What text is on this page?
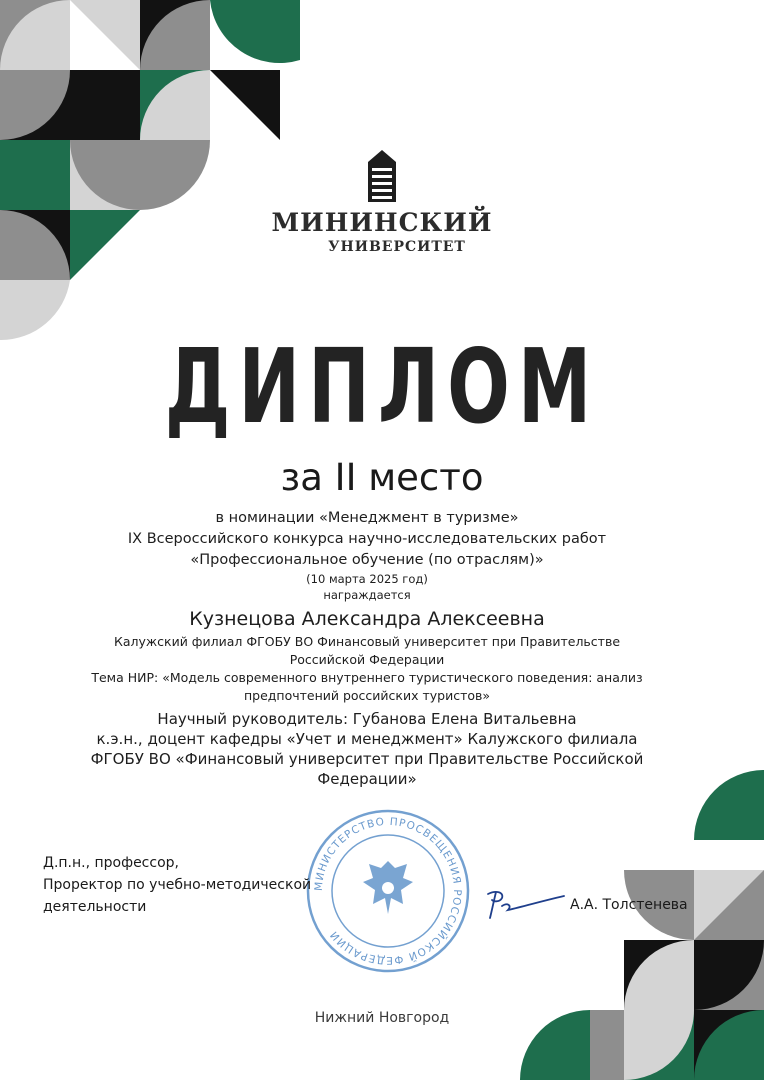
МИНИНСКИЙ
УНИВЕРСИТЕТ
ДИПЛОМ
за II место

в номинации «Менеджмент в туризме»

IX Всероссийского конкурса научно-исследовательских работ

«Профессиональное обучение (по отраслям)»

(10 марта 2025 год)

награждается

Кузнецова Александра Алексеевна

Калужский филиал ФГОБУ ВО Финансовый университет при Правительстве

Российской Федерации

Тема НИР: «Модель современного внутреннего туристического поведения: анализ

предпочтений российских туристов»

Научный руководитель: Губанова Елена Витальевна

к.э.н., доцент кафедры «Учет и менеджмент» Калужского филиала

ФГОБУ ВО «Финансовый университет при Правительстве Российской

Федерации»

МИНИСТЕРСТВО ПРОСВЕЩЕНИЯ РОССИЙСКОЙ ФЕДЕРАЦИИ
Д.п.н., профессор,
Проректор по учебно-методической
деятельности	А.А. Толстенева
Нижний Новгород
